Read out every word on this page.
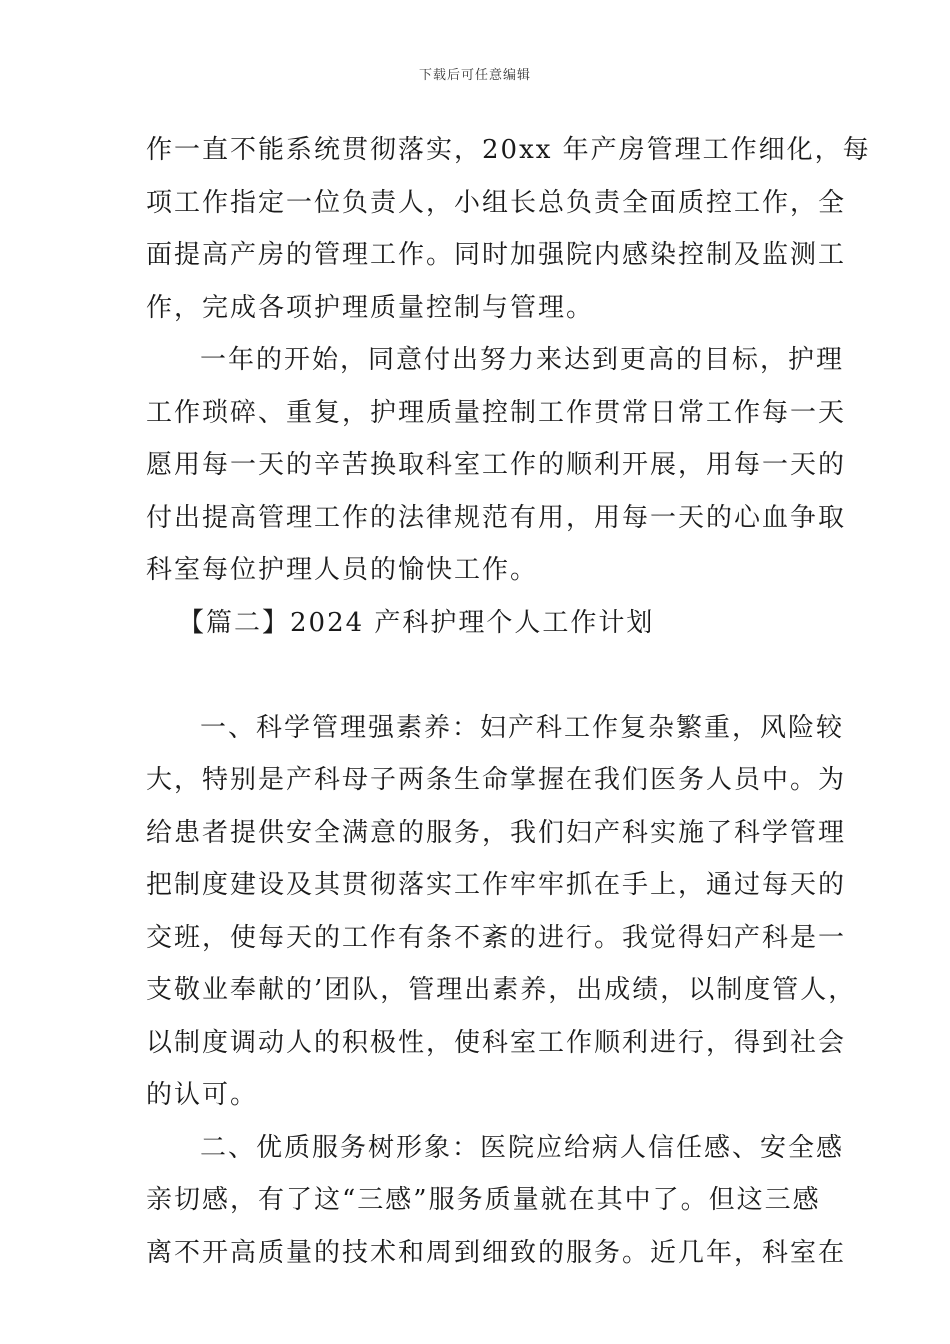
下载后可任意编辑
作一直不能系统贯彻落实，20xx 年产房管理工作细化，每
项工作指定一位负责人，小组长总负责全面质控工作，全
面提高产房的管理工作。同时加强院内感染控制及监测工
作，完成各项护理质量控制与管理。
一年的开始，同意付出努力来达到更高的目标，护理
工作琐碎、重复，护理质量控制工作贯常日常工作每一天
愿用每一天的辛苦换取科室工作的顺利开展，用每一天的
付出提高管理工作的法律规范有用，用每一天的心血争取
科室每位护理人员的愉快工作。
【篇二】2024 产科护理个人工作计划
一、科学管理强素养：妇产科工作复杂繁重，风险较
大，特别是产科母子两条生命掌握在我们医务人员中。为
给患者提供安全满意的服务，我们妇产科实施了科学管理
把制度建设及其贯彻落实工作牢牢抓在手上，通过每天的
交班，使每天的工作有条不紊的进行。我觉得妇产科是一
支敬业奉献的’团队，管理出素养，出成绩，以制度管人，
以制度调动人的积极性，使科室工作顺利进行，得到社会
的认可。
二、优质服务树形象：医院应给病人信任感、安全感
亲切感，有了这“三感”服务质量就在其中了。但这三感
离不开高质量的技术和周到细致的服务。近几年，科室在
